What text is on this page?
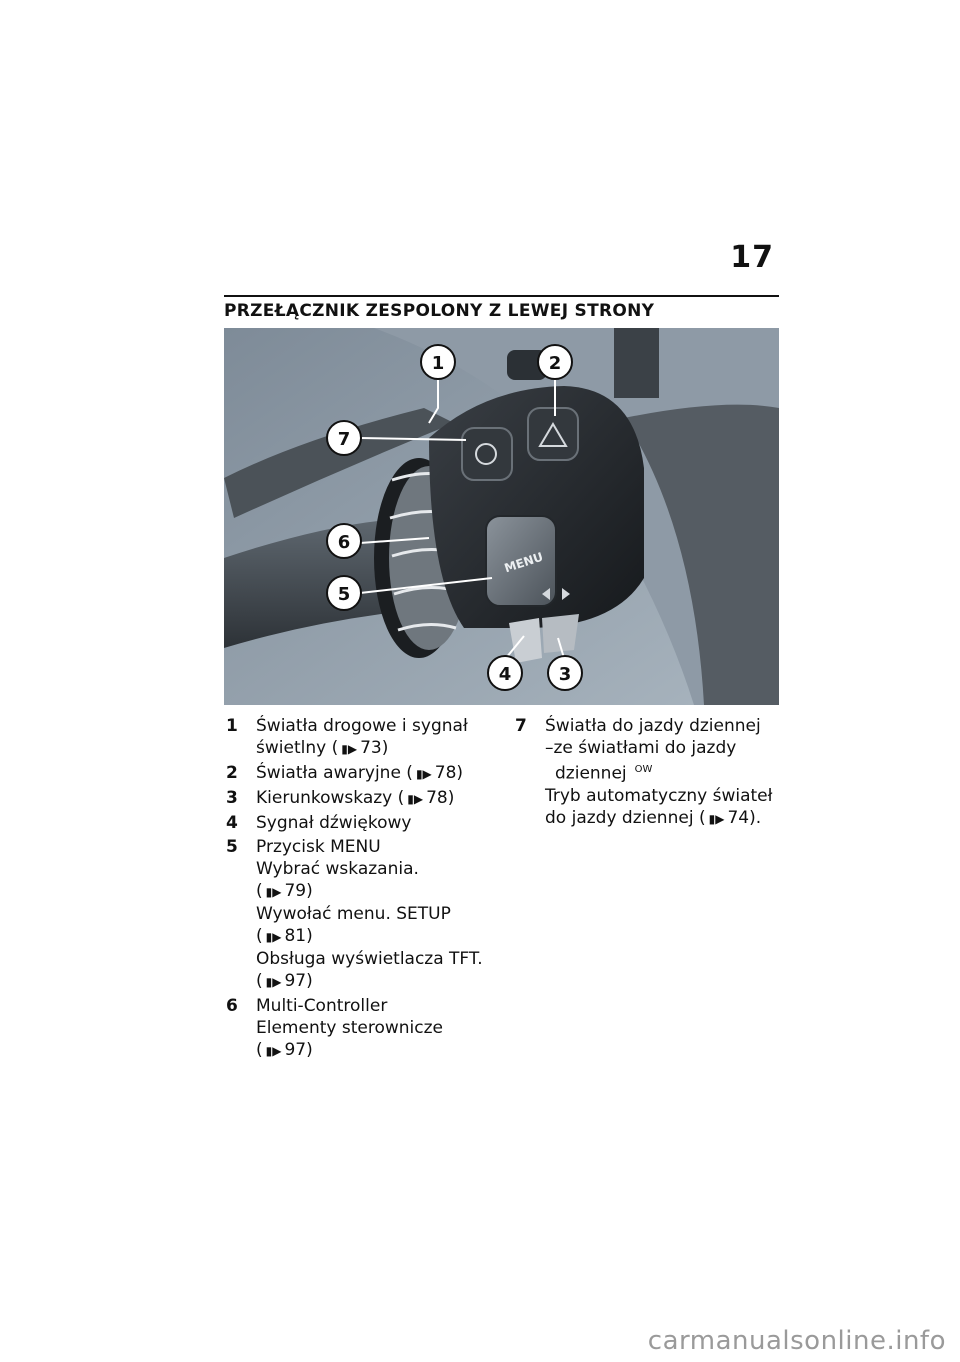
17
PRZEŁĄCZNIK ZESPOLONY Z LEWEJ STRONY
MENU
1	2
7
6
5
4	3
1	Światła drogowe i sygnał
świetlny ( ▮▶ 73)
2	Światła awaryjne ( ▮▶ 78)
3	Kierunkowskazy ( ▮▶ 78)
4	Sygnał dźwiękowy
5	Przycisk MENU
Wybrać wskazania.
( ▮▶ 79)
Wywołać menu. SETUP
( ▮▶ 81)
Obsługa wyświetlacza TFT.
( ▮▶ 97)
6	Multi-Controller
Elementy sterownicze
( ▮▶ 97)
7	Światła do jazdy dziennej
–ze światłami do jazdy
dziennej $^{OW}$
Tryb automatyczny świateł
do jazdy dziennej ( ▮▶ 74).
carmanualsonline.info
